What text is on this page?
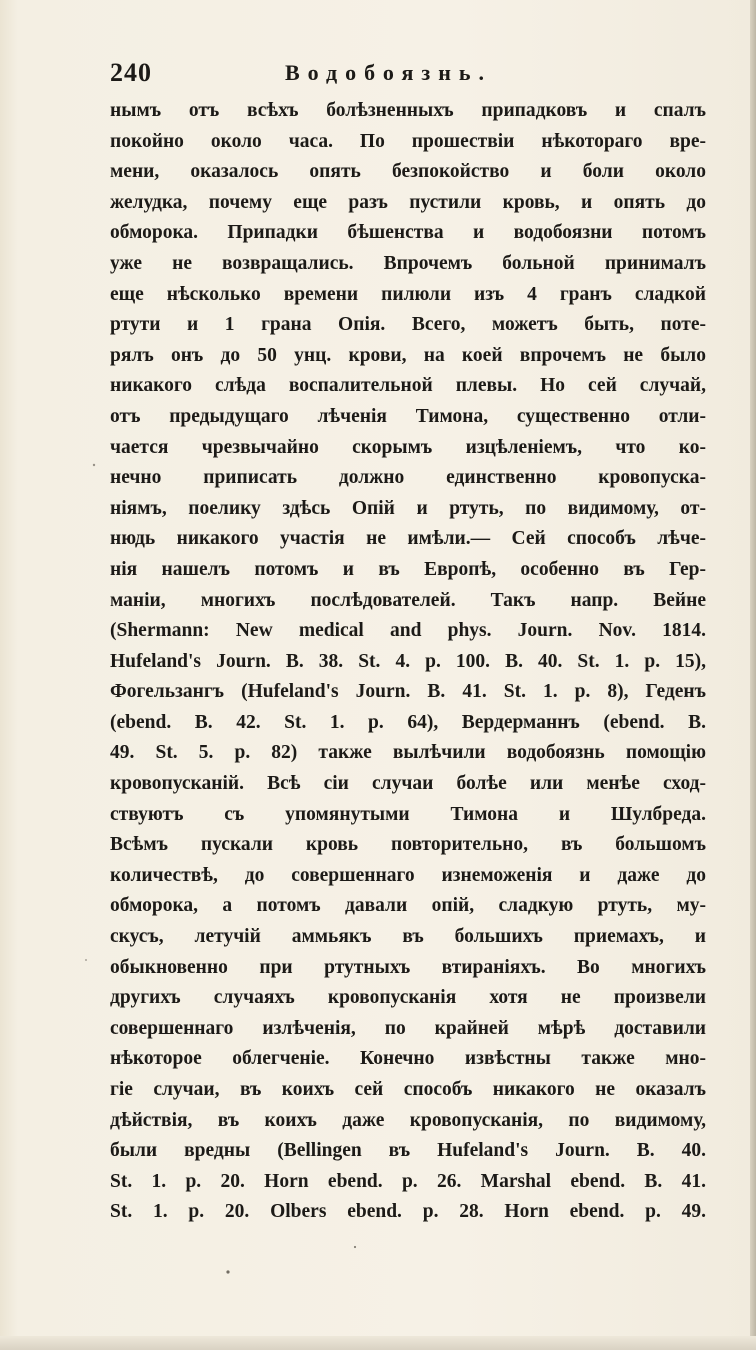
240	Водобоязнь.
нымъ отъ всѣхъ болѣзненныхъ припадковъ и спалъ
покойно около часа. По прошествіи нѣкотораго вре-
мени, оказалось опять безпокойство и боли около
желудка, почему еще разъ пустили кровь, и опять до
обморока. Припадки бѣшенства и водобоязни потомъ
уже не возвращались. Впрочемъ больной принималъ
еще нѣсколько времени пилюли изъ 4 гранъ сладкой
ртути и 1 грана Опія. Всего, можетъ быть, поте-
рялъ онъ до 50 унц. крови, на коей впрочемъ не было
никакого слѣда воспалительной плевы. Но сей случай,
отъ предыдущаго лѣченія Тимона, существенно отли-
чается чрезвычайно скорымъ изцѣленіемъ, что ко-
нечно приписать должно единственно кровопуска-
ніямъ, поелику здѣсь Опій и ртуть, по видимому, от-
нюдь никакого участія не имѣли.— Сей способъ лѣче-
нія нашелъ потомъ и въ Европѣ, особенно въ Гер-
маніи, многихъ послѣдователей. Такъ напр. Вейне
(Shermann: New medical and phys. Journ. Nov. 1814.
Hufeland's Journ. B. 38. St. 4. p. 100. B. 40. St. 1. p. 15),
Фогельзангъ (Hufeland's Journ. B. 41. St. 1. p. 8), Геденъ
(ebend. B. 42. St. 1. p. 64), Вердерманнъ (ebend. B.
49. St. 5. p. 82) также вылѣчили водобоязнь помощію
кровопусканій. Всѣ сіи случаи болѣе или менѣе сход-
ствуютъ съ упомянутыми Тимона и Шулбреда.
Всѣмъ пускали кровь повторительно, въ большомъ
количествѣ, до совершеннаго изнеможенія и даже до
обморока, а потомъ давали опій, сладкую ртуть, му-
скусъ, летучій аммьякъ въ большихъ приемахъ, и
обыкновенно при ртутныхъ втираніяхъ. Во многихъ
другихъ случаяхъ кровопусканія хотя не произвели
совершеннаго излѣченія, по крайней мѣрѣ доставили
нѣкоторое облегченіе. Конечно извѣстны также мно-
гіе случаи, въ коихъ сей способъ никакого не оказалъ
дѣйствія, въ коихъ даже кровопусканія, по видимому,
были вредны (Bellingen въ Hufeland's Journ. B. 40.
St. 1. p. 20. Horn ebend. p. 26. Marshal ebend. B. 41.
St. 1. p. 20. Olbers ebend. p. 28. Horn ebend. p. 49.
